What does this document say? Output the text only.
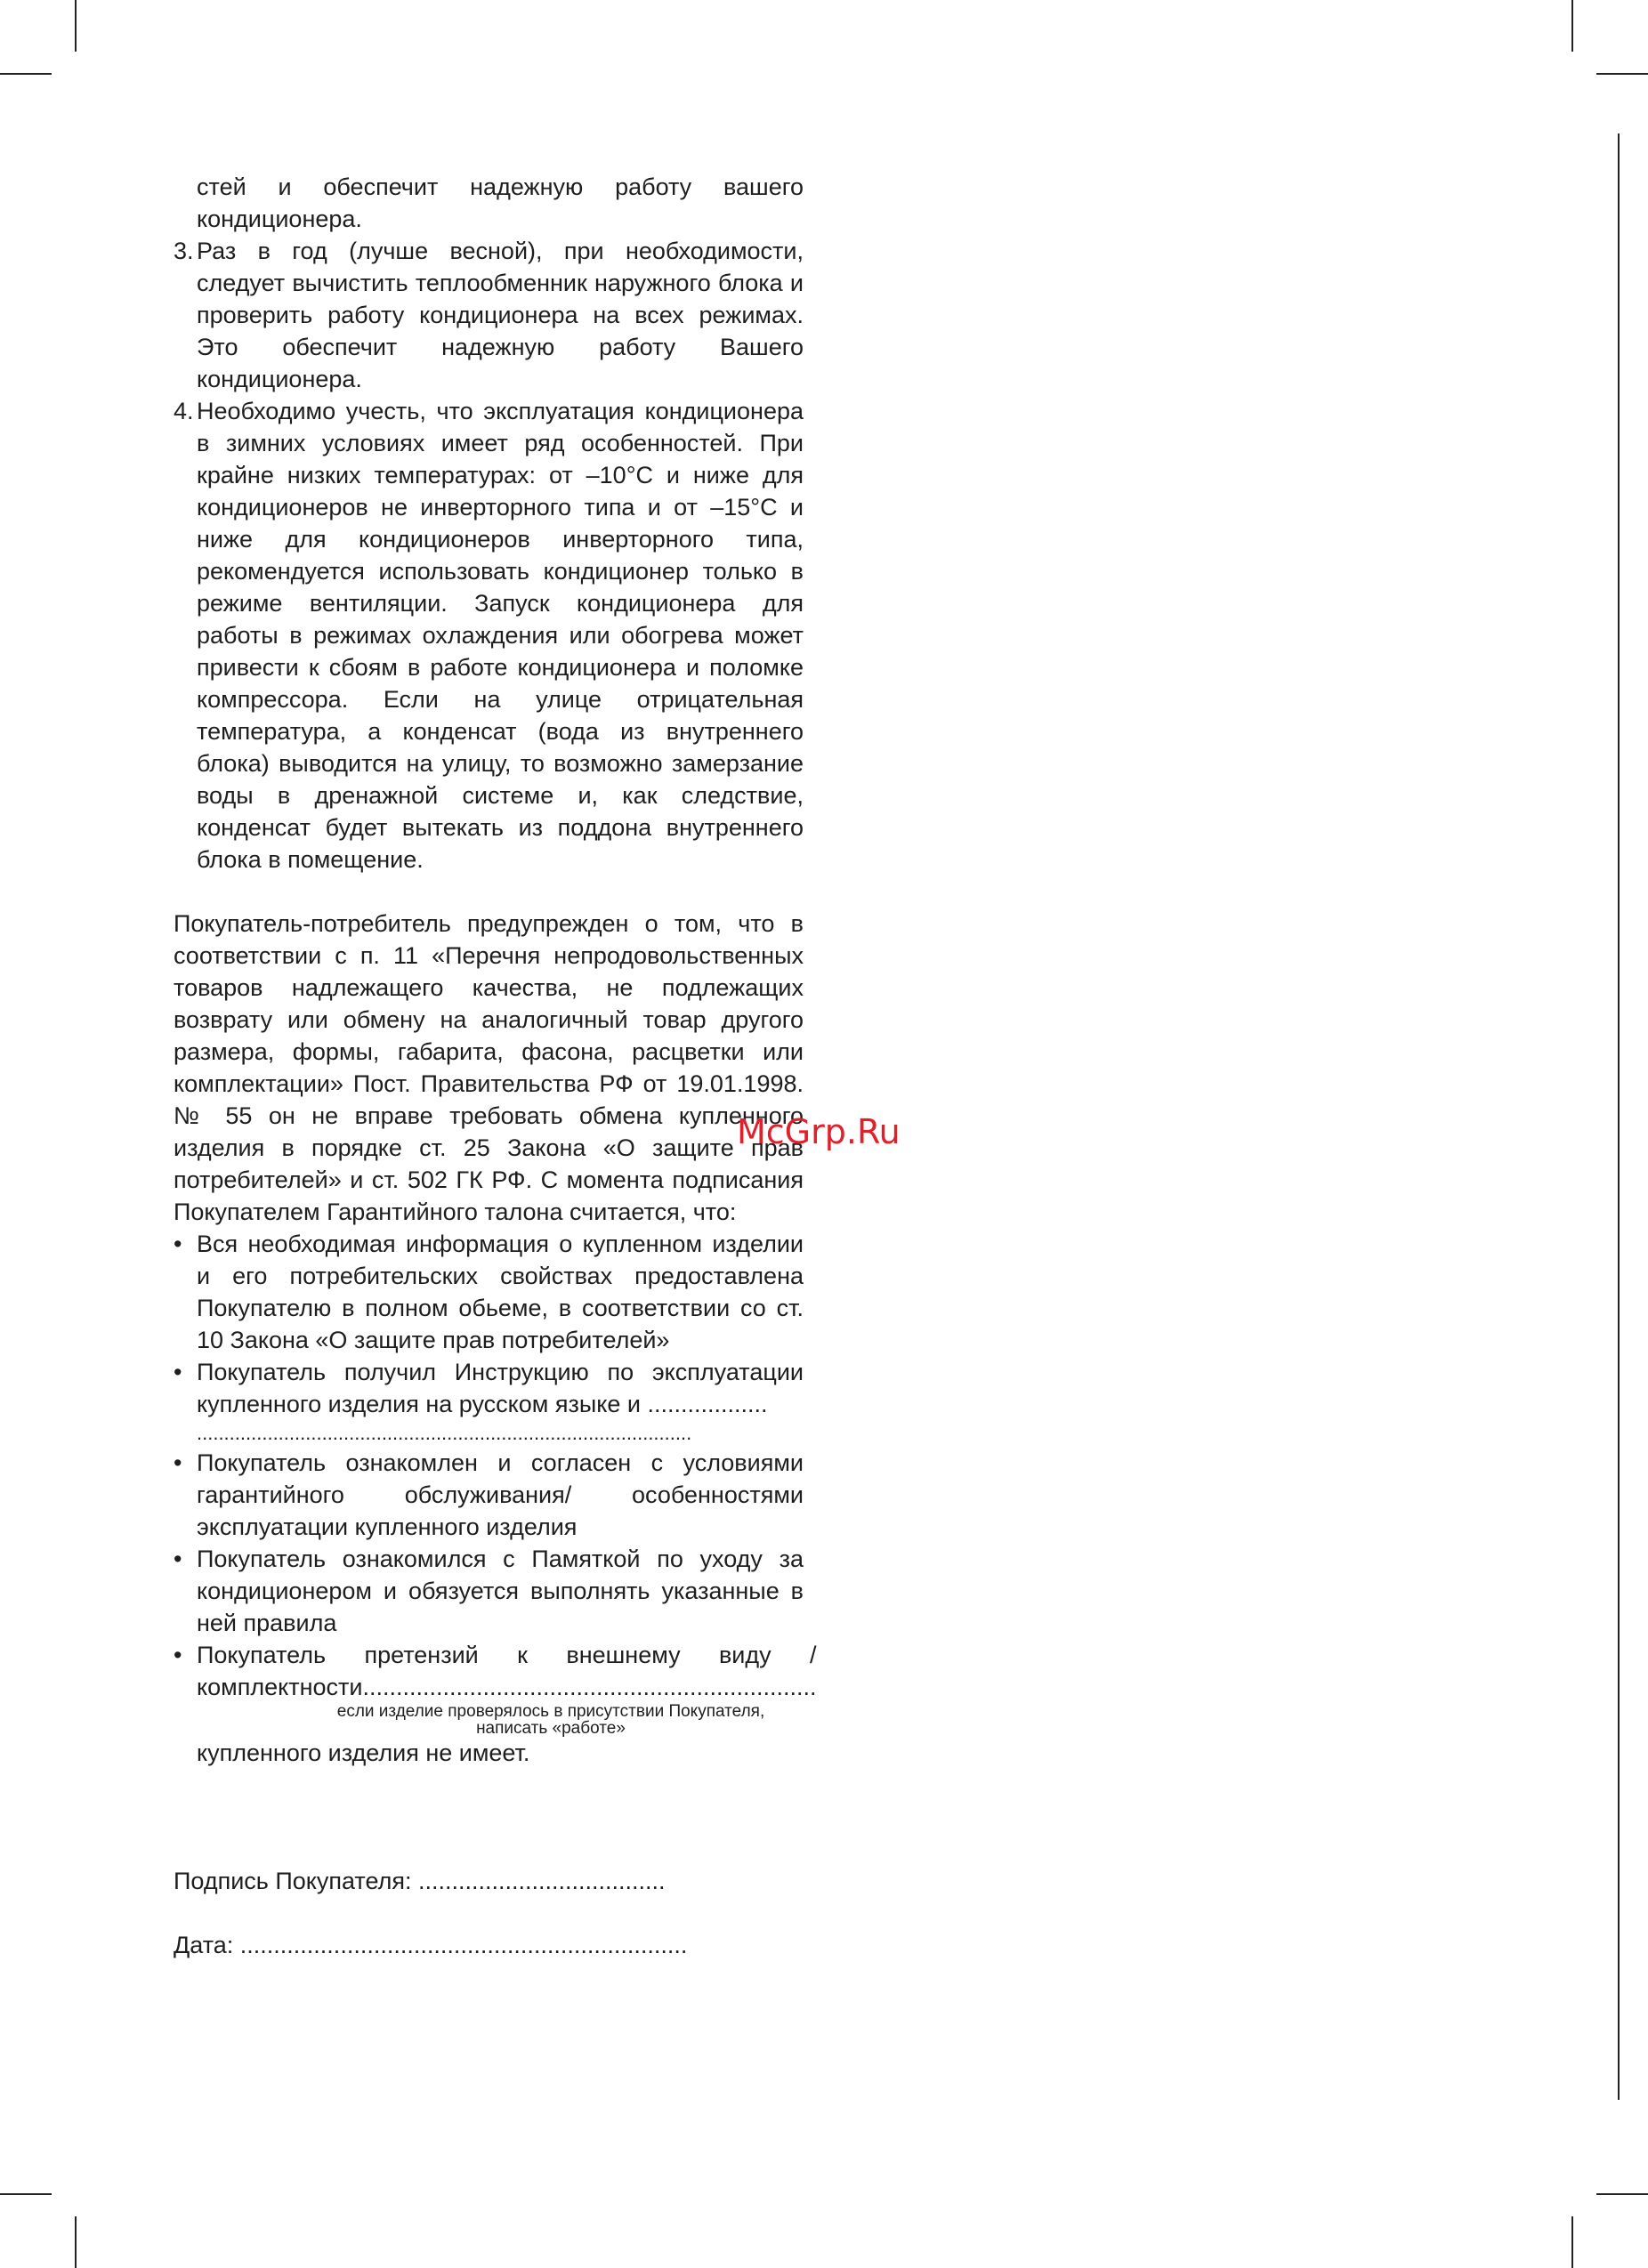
стей и обеспечит надежную работу вашего кондиционера.
3. Раз в год (лучше весной), при необходимости, следует вычистить теплообменник наружного блока и проверить работу кондиционера на всех режимах. Это обеспечит надежную работу Вашего кондиционера.
4. Необходимо учесть, что эксплуатация кондиционера в зимних условиях имеет ряд особенностей. При крайне низких температурах: от –10°С и ниже для кондиционеров не инверторного типа и от –15°С и ниже для кондиционеров инверторного типа, рекомендуется использовать кондиционер только в режиме вентиляции. Запуск кондиционера для работы в режимах охлаждения или обогрева может привести к сбоям в работе кондиционера и поломке компрессора. Если на улице отрицательная температура, а конденсат (вода из внутреннего блока) выводится на улицу, то возможно замерзание воды в дренажной системе и, как следствие, конденсат будет вытекать из поддона внутреннего блока в помещение.
Покупатель-потребитель предупрежден о том, что в соответствии с п. 11 «Перечня непродовольственных товаров надлежащего качества, не подлежащих возврату или обмену на аналогичный товар другого размера, формы, габарита, фасона, расцветки или комплектации» Пост. Правительства РФ от 19.01.1998. № 55 он не вправе требовать обмена купленного изделия в порядке ст. 25 Закона «О защите прав потребителей» и ст. 502 ГК РФ. С момента подписания Покупателем Гарантийного талона считается, что:
• Вся необходимая информация о купленном изделии и его потребительских свойствах предоставлена Покупателю в полном обьеме, в соответствии со ст. 10 Закона «О защите прав потребителей»
• Покупатель получил Инструкцию по эксплуатации купленного изделия на русском языке и ..................
...........................................................................................
• Покупатель ознакомлен и согласен с условиями гарантийного обслуживания/ особенностями эксплуатации купленного изделия
• Покупатель ознакомился с Памяткой по уходу за кондиционером и обязуется выполнять указанные в ней правила
• Покупатель претензий к внешнему виду /комплектности....................................................................
если изделие проверялось в присутствии Покупателя, написать «работе»
купленного изделия не имеет.
Подпись Покупателя: .....................................
Дата: ...................................................................
McGrp.Ru
